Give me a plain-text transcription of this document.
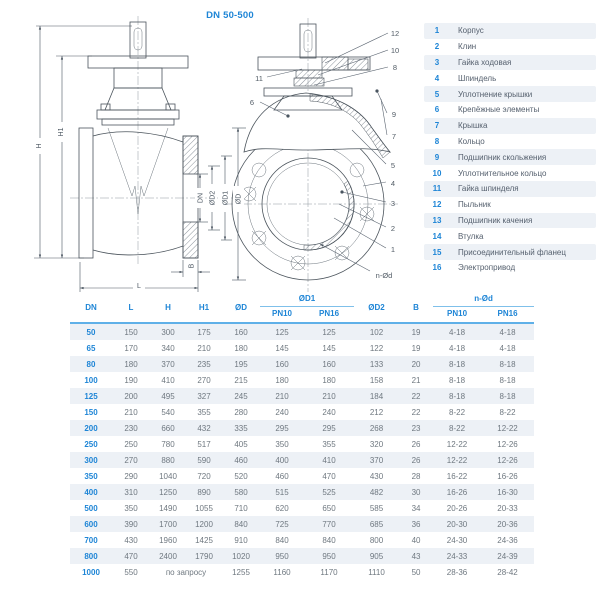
DN 50-500
H
H1
DN ØD2 ØD1
B
L
ØD
12
10
8
11
6
9
7
5
4
3
2
1
n-Ød
1	Корпус
2	Клин
3	Гайка ходовая
4	Шпиндель
5	Уплотнение крышки
6	Крепёжные элементы
7	Крышка
8	Кольцо
9	Подшипник скольжения
10	Уплотнительное кольцо
11	Гайка шпинделя
12	Пыльник
13	Подшипник качения
14	Втулка
15	Присоединительный фланец
16	Электропривод
DN	L	H	H1	ØD	ØD1		ØD2	B	n-Ød	
					PN10	PN16			PN10	PN16
50	150	300	175	160	125	125	102	19	4-18	4-18
65	170	340	210	180	145	145	122	19	4-18	4-18
80	180	370	235	195	160	160	133	20	8-18	8-18
100	190	410	270	215	180	180	158	21	8-18	8-18
125	200	495	327	245	210	210	184	22	8-18	8-18
150	210	540	355	280	240	240	212	22	8-22	8-22
200	230	660	432	335	295	295	268	23	8-22	12-22
250	250	780	517	405	350	355	320	26	12-22	12-26
300	270	880	590	460	400	410	370	26	12-22	12-26
350	290	1040	720	520	460	470	430	28	16-22	16-26
400	310	1250	890	580	515	525	482	30	16-26	16-30
500	350	1490	1055	710	620	650	585	34	20-26	20-33
600	390	1700	1200	840	725	770	685	36	20-30	20-36
700	430	1960	1425	910	840	840	800	40	24-30	24-36
800	470	2400	1790	1020	950	950	905	43	24-33	24-39
1000	550	по запросу		1255	1160	1170	1110	50	28-36	28-42
